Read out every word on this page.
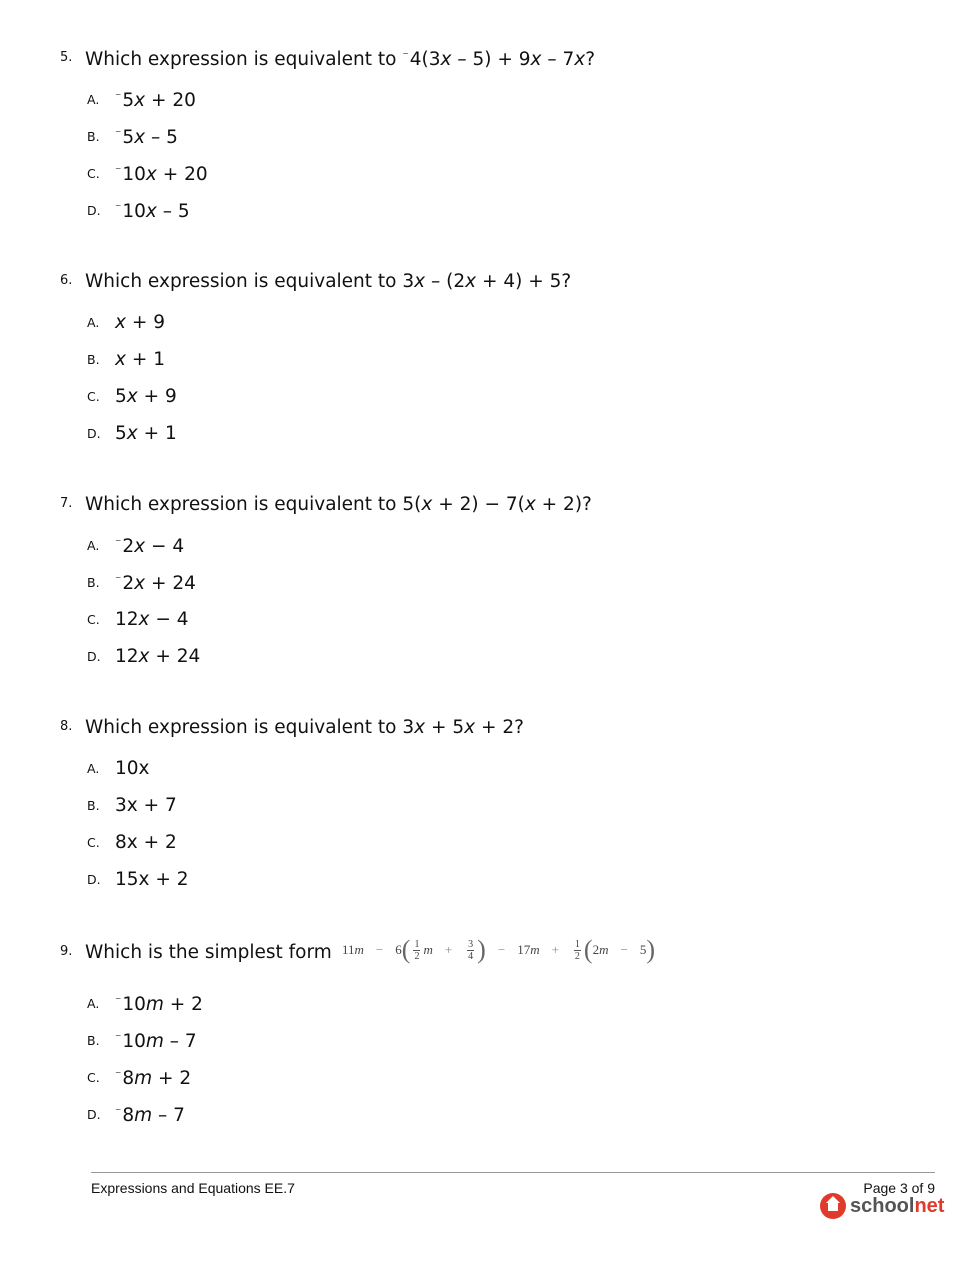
5. Which expression is equivalent to ⁻4(3x – 5) + 9x – 7x?
A. ⁻5x + 20
B. ⁻5x – 5
C. ⁻10x + 20
D. ⁻10x – 5
6. Which expression is equivalent to 3x – (2x + 4) + 5?
A. x + 9
B. x + 1
C. 5x + 9
D. 5x + 1
7. Which expression is equivalent to 5(x + 2) − 7(x + 2)?
A. ⁻2x − 4
B. ⁻2x + 24
C. 12x − 4
D. 12x + 24
8. Which expression is equivalent to 3x + 5x + 2?
A. 10x
B. 3x + 7
C. 8x + 2
D. 15x + 2
9. Which is the simplest form 11 m − 6 ( $\frac{1}{2}$ $m + \frac{3}{4}$ ) − 17 $m + \frac{1}{2}$ ( 2 m − 5 )
A. ⁻10m + 2
B. ⁻10m – 7
C. ⁻8m + 2
D. ⁻8m – 7
Expressions and Equations EE.7	Page 3 of 9
schoolnet
